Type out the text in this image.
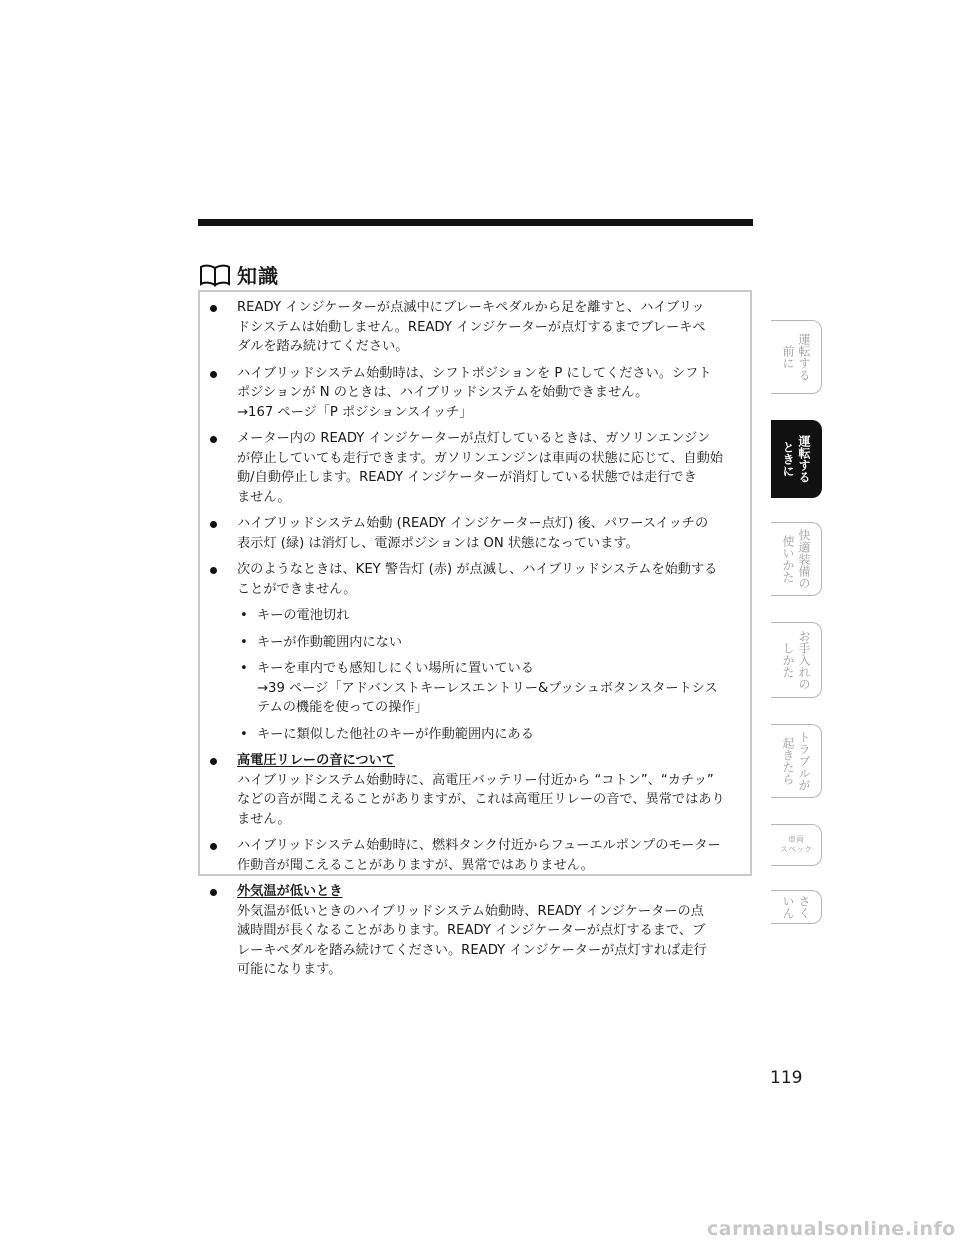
知識
READY インジケーターが点滅中にブレーキペダルから足を離すと、ハイブリッ
ドシステムは始動しません。READY インジケーターが点灯するまでブレーキペ
ダルを踏み続けてください。
ハイブリッドシステム始動時は、シフトポジションを P にしてください。シフト
ポジションが N のときは、ハイブリッドシステムを始動できません。
→167 ページ「P ポジションスイッチ」
メーター内の READY インジケーターが点灯しているときは、ガソリンエンジン
が停止していても走行できます。ガソリンエンジンは車両の状態に応じて、自動始
動/自動停止します。READY インジケーターが消灯している状態では走行でき
ません。
ハイブリッドシステム始動 (READY インジケーター点灯) 後、パワースイッチの
表示灯 (緑) は消灯し、電源ポジションは ON 状態になっています。
次のようなときは、KEY 警告灯 (赤) が点滅し、ハイブリッドシステムを始動する
ことができません。
• キーの電池切れ
• キーが作動範囲内にない
• キーを車内でも感知しにくい場所に置いている
→39 ページ「アドバンストキーレスエントリー&プッシュボタンスタートシス
テムの機能を使っての操作」
• キーに類似した他社のキーが作動範囲内にある
高電圧リレーの音について
ハイブリッドシステム始動時に、高電圧バッテリー付近から “コトン”、“カチッ”
などの音が聞こえることがありますが、これは高電圧リレーの音で、異常ではあり
ません。
ハイブリッドシステム始動時に、燃料タンク付近からフューエルポンプのモーター
作動音が聞こえることがありますが、異常ではありません。
外気温が低いとき
外気温が低いときのハイブリッドシステム始動時、READY インジケーターの点
滅時間が長くなることがあります。READY インジケーターが点灯するまで、ブ
レーキペダルを踏み続けてください。READY インジケーターが点灯すれば走行
可能になります。
運転する
前に
運転する
ときに
快適装備の
使いかた
お手入れの
しかた
トラブルが
起きたら
車両
スペック
さく
いん
119
carmanualsonline.info
